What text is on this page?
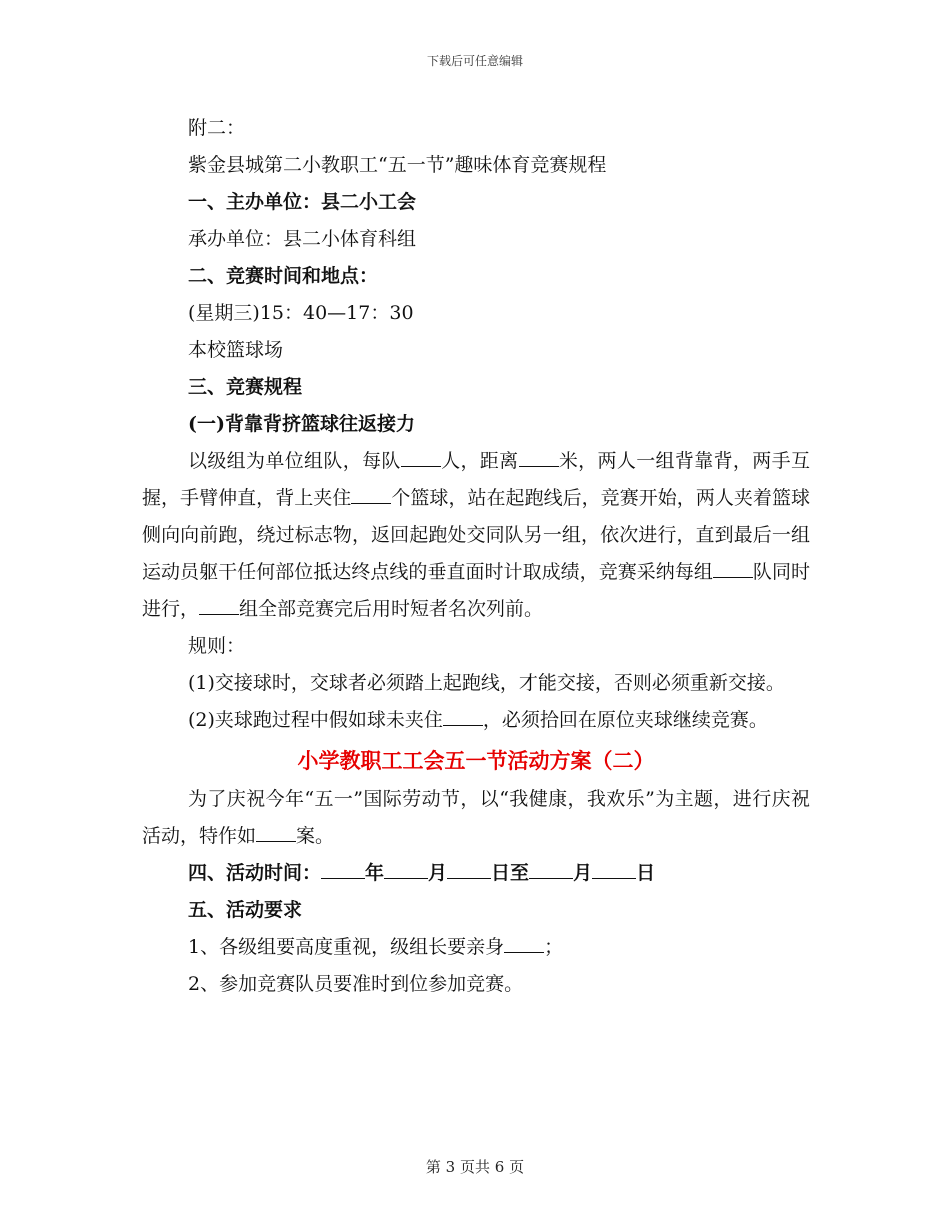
下载后可任意编辑
附二：
紫金县城第二小教职工“五一节”趣味体育竞赛规程
一、主办单位：县二小工会
承办单位：县二小体育科组
二、竞赛时间和地点：
(星期三)15：40—17：30
本校篮球场
三、竞赛规程
(一)背靠背挤篮球往返接力
以级组为单位组队，每队 人，距离 米，两人一组背靠背，两手互握，手臂伸直，背上夹住 个篮球，站在起跑线后，竞赛开始，两人夹着篮球侧向向前跑，绕过标志物，返回起跑处交同队另一组，依次进行，直到最后一组运动员躯干任何部位抵达终点线的垂直面时计取成绩，竞赛采纳每组 队同时进行， 组全部竞赛完后用时短者名次列前。
规则：
(1)交接球时，交球者必须踏上起跑线，才能交接，否则必须重新交接。
(2)夹球跑过程中假如球未夹住 ，必须拾回在原位夹球继续竞赛。
小学教职工工会五一节活动方案（二）
为了庆祝今年“五一”国际劳动节，以“我健康，我欢乐”为主题，进行庆祝活动，特作如 案。
四、活动时间： 年 月 日至 月 日
五、活动要求
1、各级组要高度重视，级组长要亲身 ；
2、参加竞赛队员要准时到位参加竞赛。
第 3 页共 6 页
